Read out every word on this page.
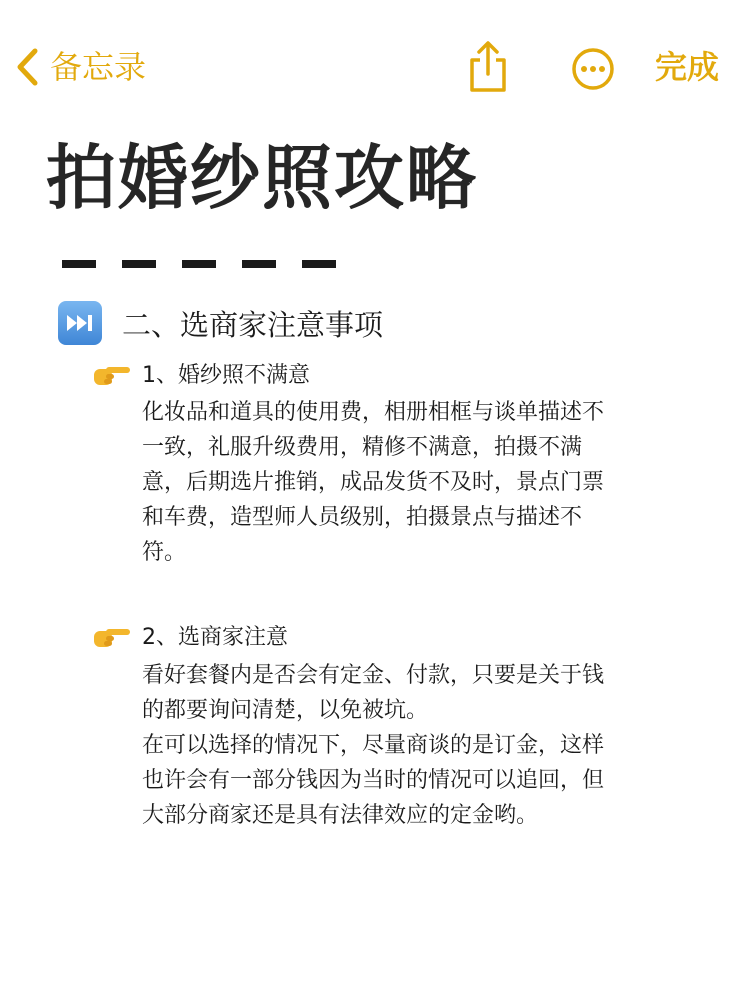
备忘录	完成
拍婚纱照攻略
二、选商家注意事项
1、婚纱照不满意

化妆品和道具的使用费，相册相框与谈单描述不
一致，礼服升级费用，精修不满意，拍摄不满
意，后期选片推销，成品发货不及时，景点门票
和车费，造型师人员级别，拍摄景点与描述不
符。

2、选商家注意

看好套餐内是否会有定金、付款，只要是关于钱
的都要询问清楚，以免被坑。

在可以选择的情况下，尽量商谈的是订金，这样
也许会有一部分钱因为当时的情况可以追回，但
大部分商家还是具有法律效应的定金哟。
